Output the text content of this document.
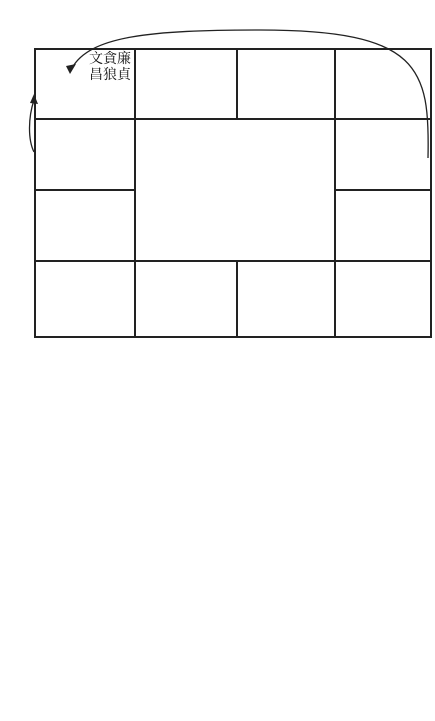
文貪廉
昌狼貞
